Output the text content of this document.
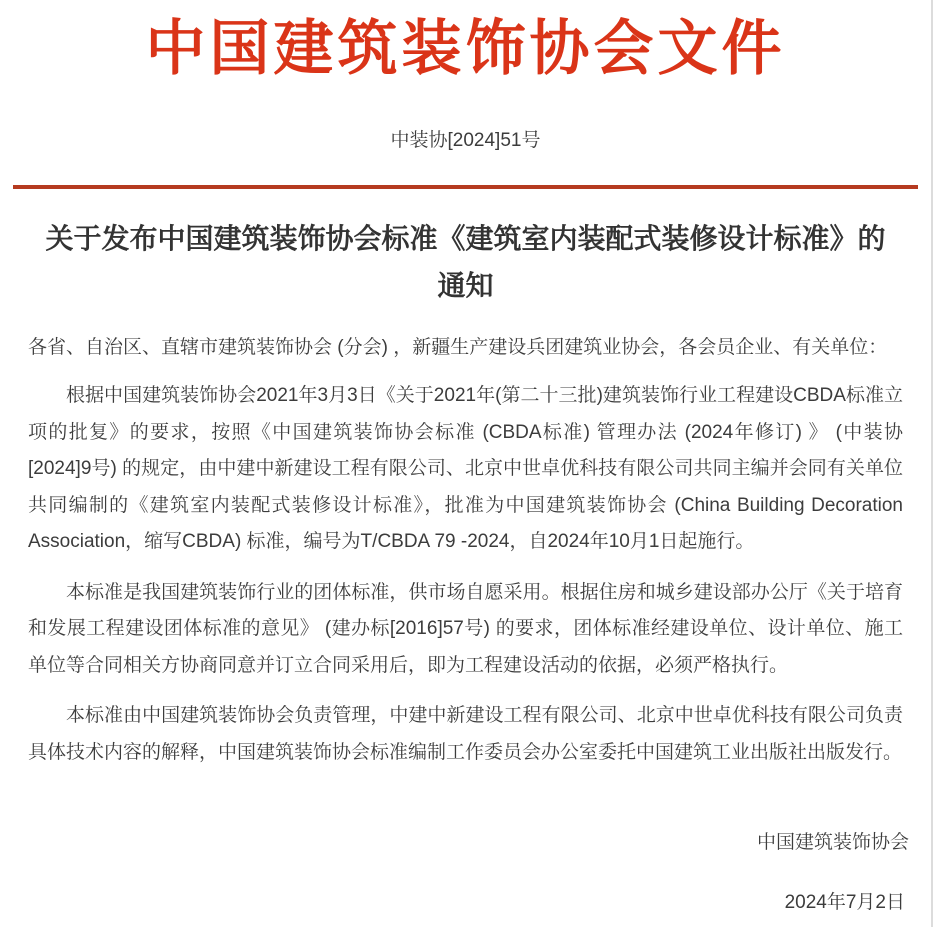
中国建筑装饰协会文件
中装协[2024]51号
关于发布中国建筑装饰协会标准《建筑室内装配式装修设计标准》的通知
各省、自治区、直辖市建筑装饰协会 (分会) ，新疆生产建设兵团建筑业协会，各会员企业、有关单位：

根据中国建筑装饰协会2021年3月3日《关于2021年(第二十三批)建筑装饰行业工程建设CBDA标准立项的批复》的要求，按照《中国建筑装饰协会标准 (CBDA标准) 管理办法 (2024年修订) 》 (中装协[2024]9号) 的规定，由中建中新建设工程有限公司、北京中世卓优科技有限公司共同主编并会同有关单位共同编制的《建筑室内装配式装修设计标准》，批准为中国建筑装饰协会 (China Building Decoration Association，缩写CBDA) 标准，编号为T/CBDA 79 -2024，自2024年10月1日起施行。

本标准是我国建筑装饰行业的团体标准，供市场自愿采用。根据住房和城乡建设部办公厅《关于培育和发展工程建设团体标准的意见》 (建办标[2016]57号) 的要求，团体标准经建设单位、设计单位、施工单位等合同相关方协商同意并订立合同采用后，即为工程建设活动的依据，必须严格执行。

本标准由中国建筑装饰协会负责管理，中建中新建设工程有限公司、北京中世卓优科技有限公司负责具体技术内容的解释，中国建筑装饰协会标准编制工作委员会办公室委托中国建筑工业出版社出版发行。

中国建筑装饰协会
2024年7月2日
